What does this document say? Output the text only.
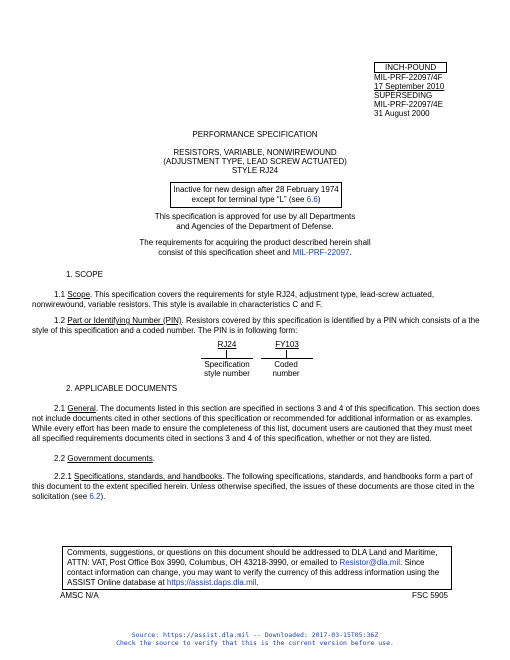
INCH-POUND
MIL-PRF-22097/4F
17 September 2010
SUPERSEDING
MIL-PRF-22097/4E
31 August 2000
PERFORMANCE SPECIFICATION
RESISTORS, VARIABLE, NONWIREWOUND
(ADJUSTMENT TYPE, LEAD SCREW ACTUATED)
STYLE RJ24
Inactive for new design after 28 February 1974
except for terminal type “L” (see 6.6)
This specification is approved for use by all Departments
and Agencies of the Department of Defense.
The requirements for acquiring the product described herein shall
consist of this specification sheet and MIL-PRF-22097.
1. SCOPE
1.1 Scope. This specification covers the requirements for style RJ24, adjustment type, lead-screw actuated, nonwirewound, variable resistors. This style is available in characteristics C and F.
1.2 Part or Identifying Number (PIN). Resistors covered by this specification is identified by a PIN which consists of a the style of this specification and a coded number. The PIN is in following form:
RJ24	FY103
Specification
style number
Coded
number
2. APPLICABLE DOCUMENTS
2.1 General. The documents listed in this section are specified in sections 3 and 4 of this specification. This section does not include documents cited in other sections of this specification or recommended for additional information or as examples. While every effort has been made to ensure the completeness of this list, document users are cautioned that they must meet all specified requirements documents cited in sections 3 and 4 of this specification, whether or not they are listed.
2.2 Government documents.
2.2.1 Specifications, standards, and handbooks. The following specifications, standards, and handbooks form a part of this document to the extent specified herein. Unless otherwise specified, the issues of these documents are those cited in the solicitation (see 6.2).
Comments, suggestions, or questions on this document should be addressed to DLA Land and Maritime, ATTN: VAT, Post Office Box 3990, Columbus, OH 43218-3990, or emailed to Resistor@dla.mil. Since contact information can change, you may want to verify the currency of this address information using the ASSIST Online database at https://assist.daps.dla.mil.
AMSC N/A	FSC 5905
Source: https://assist.dla.mil -- Downloaded: 2017-03-15T05:36Z
Check the source to verify that this is the current version before use.
